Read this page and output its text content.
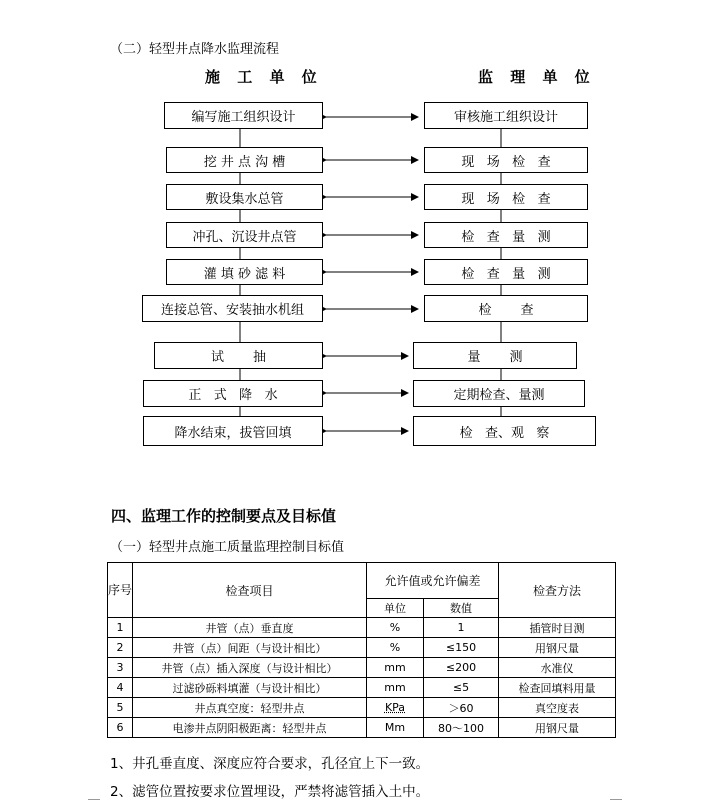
（二）轻型井点降水监理流程
施 工 单 位	监 理 单 位
编写施工组织设计
挖 井 点 沟 槽
敷设集水总管
冲孔、沉设井点管
灌 填 砂 滤 料
连接总管、安装抽水机组
试       抽
正   式   降   水
降水结束，拔管回填
审核施工组织设计
现   场   检   查
现   场   检   查
检   查   量   测
检   查   量   测
检       查
量       测
定期检查、量测
检   查、观   察
四、监理工作的控制要点及目标值
（一）轻型井点施工质量监理控制目标值
序号	检查项目	允许值或允许偏差		检查方法
		单位	数值	
1	井管（点）垂直度	%	1	插管时目测
2	井管（点）间距（与设计相比）	%	≤150	用钢尺量
3	井管（点）插入深度（与设计相比）	mm	≤200	水准仪
4	过滤砂砾料填灌（与设计相比）	mm	≤5	检查回填料用量
5	井点真空度：轻型井点	KPa	＞60	真空度表
6	电渗井点阴阳极距离：轻型井点	Mm	80～100	用钢尺量
1、井孔垂直度、深度应符合要求，孔径宜上下一致。
2、滤管位置按要求位置埋设，严禁将滤管插入土中。
